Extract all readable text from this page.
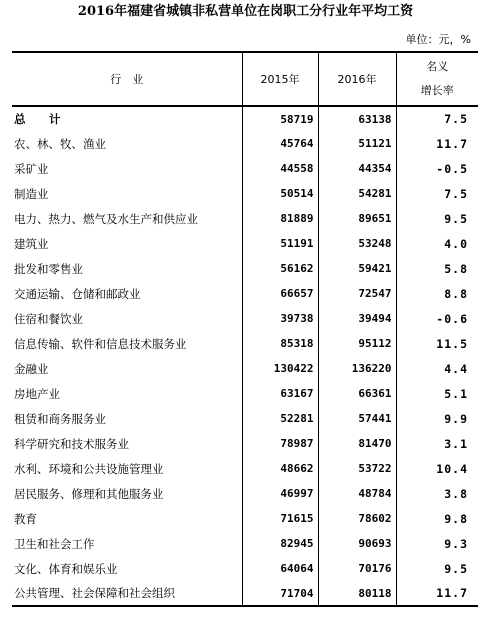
2016年福建省城镇非私营单位在岗职工分行业年平均工资
单位：元，%
行　业	2015年	2016年	名义
增长率

总　计	58719	63138	7.5
农、林、牧、渔业	45764	51121	11.7
采矿业	44558	44354	-0.5
制造业	50514	54281	7.5
电力、热力、燃气及水生产和供应业	81889	89651	9.5
建筑业	51191	53248	4.0
批发和零售业	56162	59421	5.8
交通运输、仓储和邮政业	66657	72547	8.8
住宿和餐饮业	39738	39494	-0.6
信息传输、软件和信息技术服务业	85318	95112	11.5
金融业	130422	136220	4.4
房地产业	63167	66361	5.1
租赁和商务服务业	52281	57441	9.9
科学研究和技术服务业	78987	81470	3.1
水利、环境和公共设施管理业	48662	53722	10.4
居民服务、修理和其他服务业	46997	48784	3.8
教育	71615	78602	9.8
卫生和社会工作	82945	90693	9.3
文化、体育和娱乐业	64064	70176	9.5
公共管理、社会保障和社会组织	71704	80118	11.7
